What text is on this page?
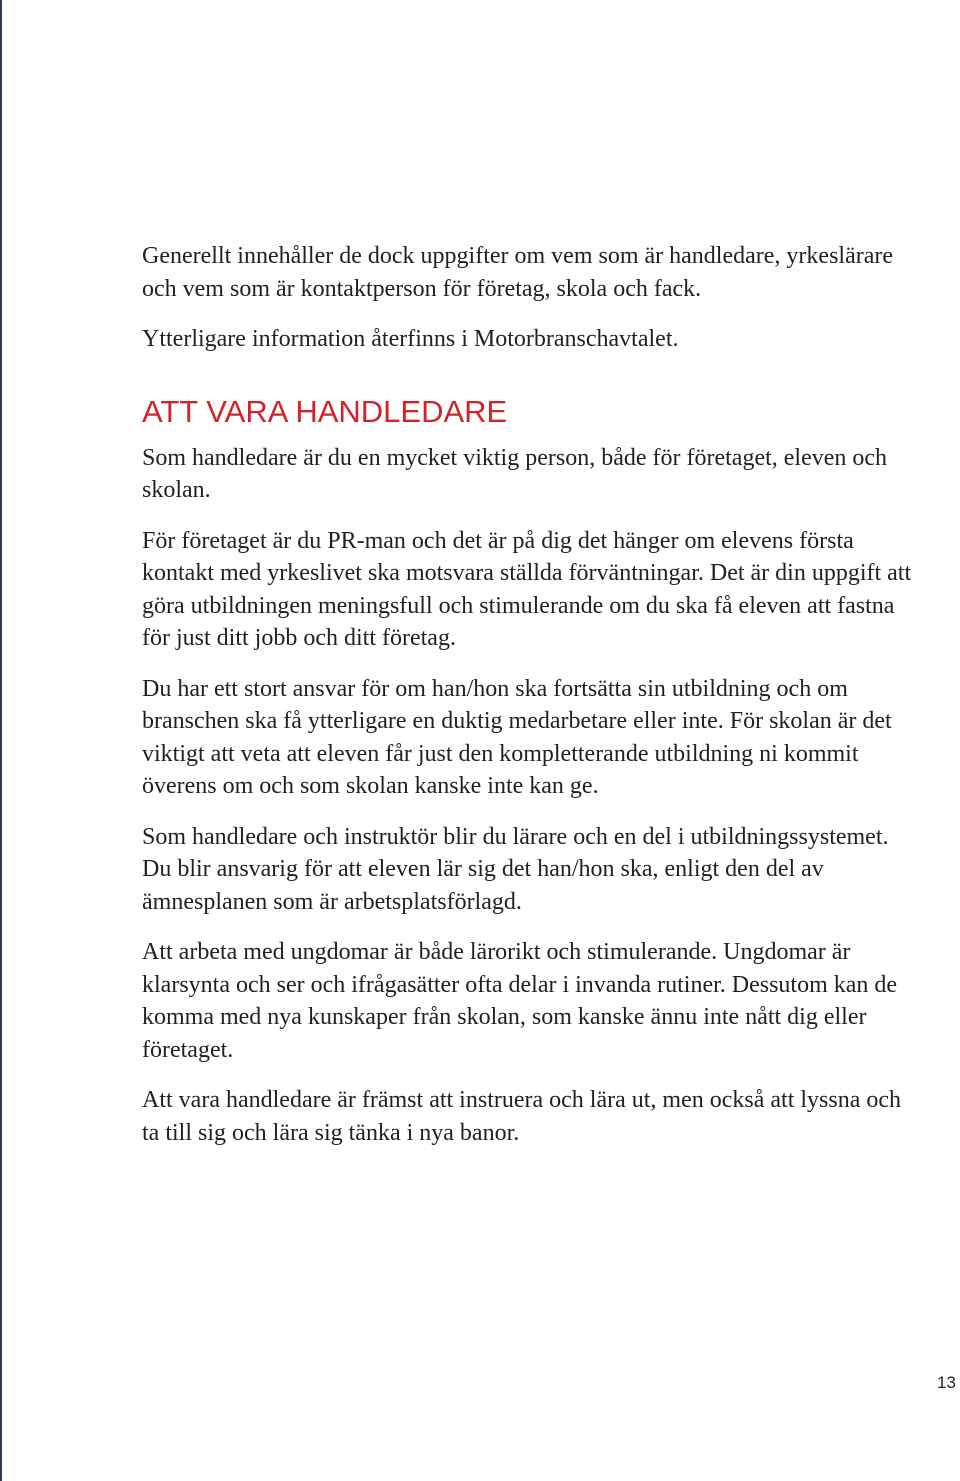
Generellt innehåller de dock uppgifter om vem som är handledare, yrkeslärare och vem som är kontaktperson för företag, skola och fack.

Ytterligare information återfinns i Motorbranschavtalet.

ATT VARA HANDLEDARE

Som handledare är du en mycket viktig person, både för företaget, eleven och skolan.

För företaget är du PR-man och det är på dig det hänger om elevens första kontakt med yrkeslivet ska motsvara ställda förväntningar. Det är din uppgift att göra utbildningen meningsfull och stimulerande om du ska få eleven att fastna för just ditt jobb och ditt företag.

Du har ett stort ansvar för om han/hon ska fortsätta sin utbildning och om branschen ska få ytterligare en duktig medarbetare eller inte. För skolan är det viktigt att veta att eleven får just den kompletterande utbildning ni kommit överens om och som skolan kanske inte kan ge.

Som handledare och instruktör blir du lärare och en del i utbildningssystemet. Du blir ansvarig för att eleven lär sig det han/hon ska, enligt den del av ämnesplanen som är arbetsplatsförlagd.

Att arbeta med ungdomar är både lärorikt och stimulerande. Ungdomar är klarsynta och ser och ifrågasätter ofta delar i invanda rutiner. Dessutom kan de komma med nya kunskaper från skolan, som kanske ännu inte nått dig eller företaget.

Att vara handledare är främst att instruera och lära ut, men också att lyssna och ta till sig och lära sig tänka i nya banor.

13
